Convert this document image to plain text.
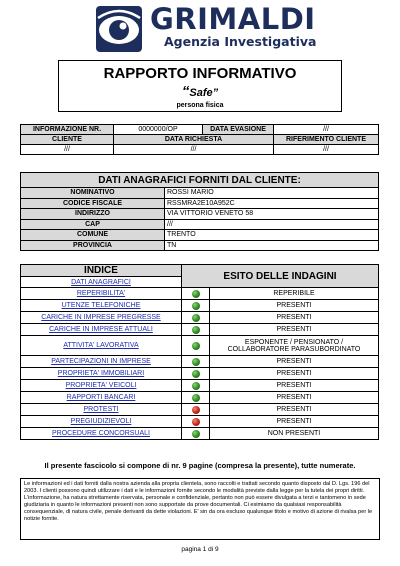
GRIMALDI
Agenzia Investigativa
RAPPORTO INFORMATIVO
“Safe”
persona fisica
INFORMAZIONE NR.	0000000/OP	DATA EVASIONE	///
CLIENTE	DATA RICHIESTA		RIFERIMENTO CLIENTE
///	///		///
DATI ANAGRAFICI FORNITI DAL CLIENTE:	
NOMINATIVO	ROSSI MARIO
CODICE FISCALE	RSSMRA2E10A952C
INDIRIZZO	VIA VITTORIO VENETO 58
CAP	///
COMUNE	TRENTO
PROVINCIA	TN
INDICE	ESITO DELLE INDAGINI	
DATI ANAGRAFICI		
REPERIBILITA'		REPERIBILE
UTENZE TELEFONICHE		PRESENTI
CARICHE IN IMPRESE PREGRESSE		PRESENTI
CARICHE IN IMPRESE ATTUALI		PRESENTI
ATTIVITA' LAVORATIVA		ESPONENTE / PENSIONATO /
COLLABORATORE PARASUBORDINATO

PARTECIPAZIONI IN IMPRESE		PRESENTI
PROPRIETA' IMMOBILIARI		PRESENTI
PROPRIETA' VEICOLI		PRESENTI
RAPPORTI BANCARI		PRESENTI
PROTESTI		PRESENTI
PREGIUDIZIEVOLI		PRESENTI
PROCEDURE CONCORSUALI		NON PRESENTI
Il presente fascicolo si compone di nr. 9 pagine (compresa la presente), tutte numerate.

Le informazioni ed i dati forniti dalla nostra azienda alla propria clientela, sono raccolti e trattati secondo quanto disposto dal D. Lgs. 196 del 2003. I clienti possono quindi utilizzare i dati e le informazioni fornite secondo le modalità previste dalla legge per la tutela dei propri diritti.

L'informazione, ha natura strettamente riservata, personale e confidenziale, pertanto non può essere divulgata a terzi e tantomeno in sede giudiziaria in quanto le informazioni presenti non sono supportate da prove documentali. Ci esimiamo da qualsiasi responsabilità consequenziale, di natura civile, penale derivanti da dette violazioni. E' sin da ora escluso qualunque titolo e motivo di azione di rivalsa per le notizie fornite.

pagina 1 di 9
